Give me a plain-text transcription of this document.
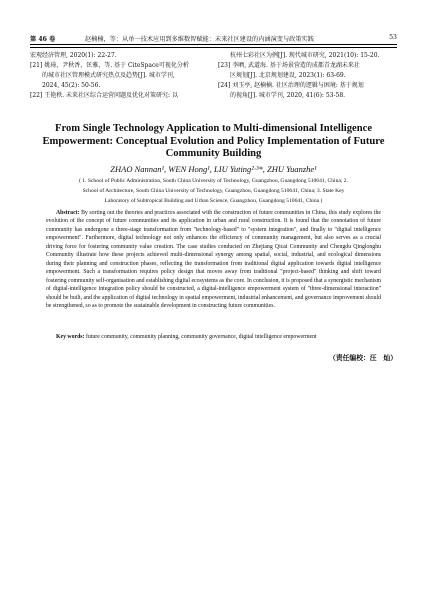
第 46 卷	赵楠楠，等：从单一技术应用到多维数智赋能：未来社区建设的内涵演变与政策实践	53
宏观经济管理, 2020(1): 22-27.
[21] 姚琦，尹秋香，匡雅，等. 基于 CiteSpace可视化分析
的城市社区管理模式研究热点及趋势[J]. 城市学刊,
2024, 45(2): 50-56.
[22] 王艳秩. 未来社区综合运营问题及优化对策研究: 以
杭州七彩社区为例[J]. 现代城市研究, 2021(10): 15-20.
[23] 李晒, 武道海. 基于场景营造的成都青龙湖未来社
区规划[J]. 北京规划建设, 2023(1): 63-69.
[24] 刘玉亭, 赵楠楠. 社区治理的逻辑与困境: 基于规划
的视角[J]. 城市学刊, 2020, 41(6): 53-58.
From Single Technology Application to Multi-dimensional Intelligence
Empowerment: Conceptual Evolution and Policy Implementation of Future
Community Building
ZHAO Nannan¹, WEN Hong¹, LIU Yuting²·³*, ZHU Yuanzhe¹
( 1. School of Public Administration, South China University of Technology, Guangzhou, Guangdong 510641, China; 2.
School of Architecture, South China University of Technology, Guangzhou, Guangdong 510641, China; 3. State Key
Laboratory of Subtropical Building and Urban Science, Guangzhou, Guangdong 510641, China )

Abstract: By sorting out the theories and practices associated with the construction of future communities in China, this study explores the evolution of the concept of future communities and its application in urban and rural construction. It is found that the connotation of future community has undergone a three-stage transformation from "technology-based" to "system integration", and finally to "digital intelligence empowerment". Furthermore, digital technology not only enhances the efficiency of community management, but also serves as a crucial driving force for fostering community value creation. The case studies conducted on Zhejiang Qicai Community and Chengdu Qinglonghu Community illustrate how these projects achieved multi-dimensional synergy among spatial, social, industrial, and ecological dimensions during their planning and construction phases, reflecting the transformation from traditional digital application towards digital intelligence empowerment. Such a transformation requires policy design that moves away from traditional "project-based" thinking and shift toward fostering community self-organisation and establishing digital ecosystems as the core. In conclusion, it is proposed that a synergistic mechanism of digital-intelligence integration policy should be constructed, a digital-intelligence empowerment system of "three-dimensional interaction" should be built, and the application of digital technology in spatial empowerment, industrial enhancement, and governance improvement should be strengthened, so as to promote the sustainable development in constructing future communities.

Key words: future community, community planning, community governance, digital intelligence empowerment
（责任编校：汪　灿）
